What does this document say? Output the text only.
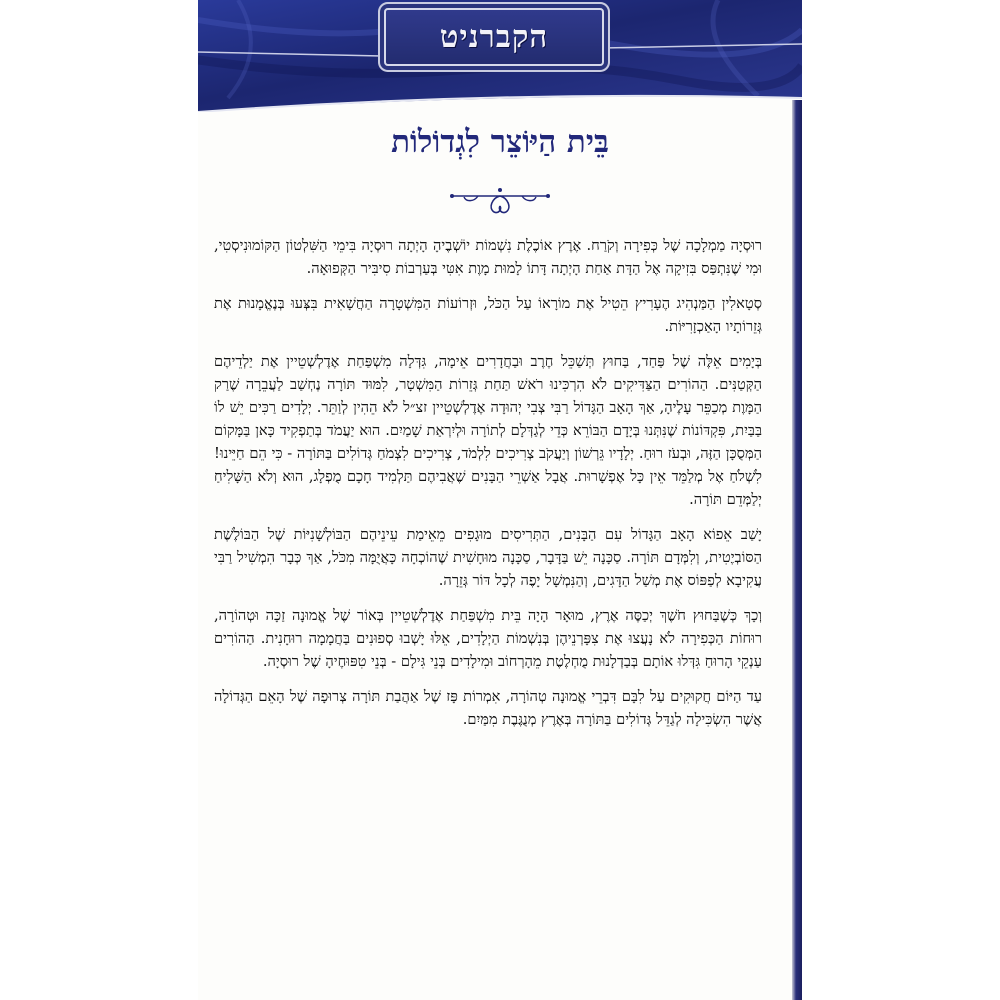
הקברניט
בֵּית הַיּוֹצֵר לִגְדוֹלוֹת

רוּסְיָה מַמְלָכָה שֶׁל כְּפִירָה וְקֹרַח. אֶרֶץ אוֹכֶלֶת נִשְׁמוֹת יוֹשְׁבֶיהָ הָיְתָה רוּסְיָה בִּימֵי הַשִּׁלְטוֹן הַקּוֹמוּנִיסְטִי, וּמִי שֶׁנִּתְפַּס בִּזִיקָה אֶל הַדָּת אַחַת הָיְתָה דָּתוֹ לָמוּת מָוֶת אִטִּי בְּעַרְבוֹת סִיבִּיר הַקְּפוּאָה.

סְטָאלִין הַמַּנְהִיג הֶעָרִיץ הֵטִיל אֶת מוֹרָאוֹ עַל הַכֹּל, וּזְרוֹעוֹת הַמִּשְׁטָרָה הַחֲשָׁאִית בִּצְּעוּ בְּנֶאֱמָנוּת אֶת גְּזֵרוֹתָיו הָאַכְזָרִיּוֹת.

בְּיָמִים אֵלֶּה שֶׁל פַּחַד, בַּחוּץ תְּשַׁכֵּל חֶרֶב וּבַחֲדָרִים אֵימָה, גִּדְּלָה מִשְׁפַּחַת אֶדֶלְשְׁטֵיין אֶת יַלְדֵיהֶם הַקְּטַנִּים. הַהוֹרִים הַצַּדִּיקִים לֹא הִרְכִּינוּ רֹאשׁ תַּחַת גְּזֵרוֹת הַמִּשְׁטָר, לִמּוּד תּוֹרָה נֶחְשַׁב לַעֲבֵרָה שֶׁרַק הַמָּוֶת מְכַפֵּר עָלֶיהָ, אַךְ הָאָב הַגָּדוֹל רַבִּי צְבִי יְהוּדָה אֶדֶלְשְׁטֵיין זצ״ל לֹא הֵהִין לְוַתֵּר. יְלָדִים רַכִּים יֵשׁ לוֹ בַּבַּיִת, פִּקְדּוֹנוֹת שֶׁנִּתְּנוּ בְּיָדָם הַבּוֹרֵא כְּדֵי לְגַדְּלָם לְתוֹרָה וּלְיִרְאַת שָׁמַיִם. הוּא יַעֲמֹד בְּתַפְקִיד כָּאן בַּמָּקוֹם הַמְּסֻכָּן הַזֶּה, וּבְעֹז רוּחַ. יְלָדָיו גֵּרְשׁוֹן וְיַעֲקֹב צְרִיכִים לִלְמֹד, צְרִיכִים לִצְמֹחַ גְּדוֹלִים בַּתּוֹרָה - כִּי הֵם חַיֵּינוּ! לִשְׁלֹחַ אֶל מְלַמֵּד אֵין כָּל אֶפְשָׁרוּת. אֲבָל אַשְׁרֵי הַבָּנִים שֶׁאֲבִיהֶם תַּלְמִיד חָכָם מֻפְלָג, הוּא וְלֹא הַשָּׁלִיחַ יְלַמְּדֵם תּוֹרָה.

יָשַׁב אֵפוֹא הָאָב הַגָּדוֹל עִם הַבָּנִים, הַתְּרִיסִים מוּגָפִים מֵאֵימַת עֵינֵיהֶם הַבּוֹלְשָׁנִיּוֹת שֶׁל הַבּוֹלֶשֶׁת הַסּוֹבְיֶטִית, וְלִמְּדָם תּוֹרָה. סַכָּנָה יֵשׁ בַּדָּבָר, סַכָּנָה מוּחָשִׁית שֶׁהוֹכְחָה כָּאֲיֻמָּה מִכֹּל, אַךְ כְּבָר הִמְשִׁיל רַבִּי עֲקִיבָא לְפַפּוֹס אֶת מְשַׁל הַדָּגִים, וְהַנִּמְשָׁל יָפֶה לְכָל דּוֹר גְּזֵרָה.

וְכָךְ כְּשֶׁבַּחוּץ חֹשֶׁךְ יְכַסֶּה אֶרֶץ, מוּאָר הָיָה בֵּית מִשְׁפַּחַת אֶדֶלְשְׁטֵיין בְּאוֹר שֶׁל אֱמוּנָה זַכָּה וּטְהוֹרָה, רוּחוֹת הַכְּפִירָה לֹא נָעֲצוּ אֶת צִפָּרְנֵיהֶן בְּנִשְׁמוֹת הַיְלָדִים, אֵלּוּ יָשְׁבוּ סְפוּנִים בַּחֲמָמָה רוּחָנִית. הַהוֹרִים עַנְקֵי הָרוּחַ גִּדְּלוּ אוֹתָם בְּבַדְלָנוּת מֻחְלֶטֶת מֵהָרְחוֹב וּמִילָדִים בְּנֵי גִּילָם - בְּנֵי טִפּוּחֶיהָ שֶׁל רוּסְיָה.

עַד הַיּוֹם חֲקוּקִים עַל לִבָּם דִּבְרֵי אֱמוּנָה טְהוֹרָה, אִמְרוֹת פָּז שֶׁל אַהֲבַת תּוֹרָה צְרוּפָה שֶׁל הָאֵם הַגְּדוֹלָה אֲשֶׁר הִשְׂכִּילָה לְגַדֵּל גְּדוֹלִים בַּתּוֹרָה בְּאֶרֶץ מְנֻגֶּבֶת מִמַּיִם.
